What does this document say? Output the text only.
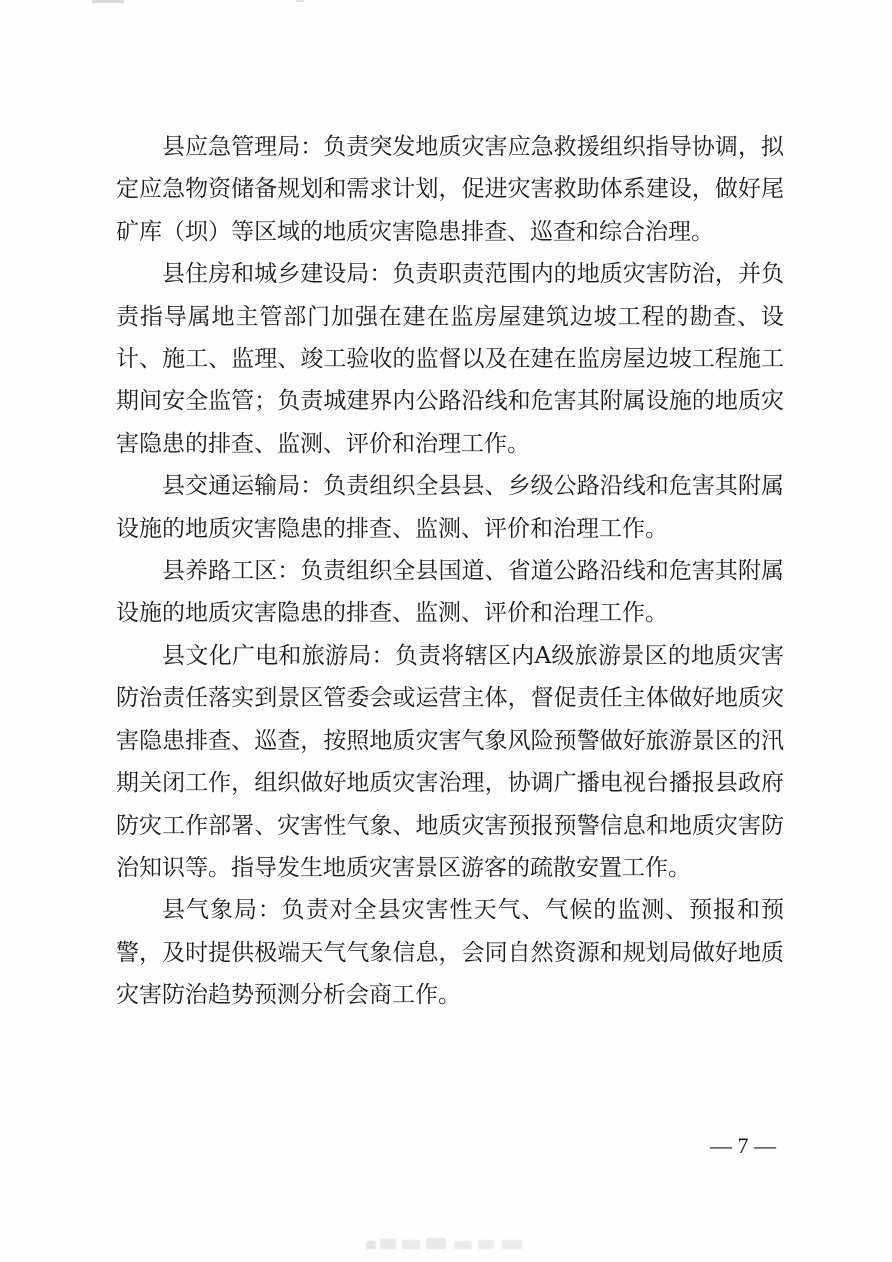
县应急管理局：负责突发地质灾害应急救援组织指导协调，拟定应急物资储备规划和需求计划，促进灾害救助体系建设，做好尾矿库（坝）等区域的地质灾害隐患排查、巡查和综合治理。

县住房和城乡建设局：负责职责范围内的地质灾害防治，并负责指导属地主管部门加强在建在监房屋建筑边坡工程的勘查、设计、施工、监理、竣工验收的监督以及在建在监房屋边坡工程施工期间安全监管；负责城建界内公路沿线和危害其附属设施的地质灾害隐患的排查、监测、评价和治理工作。

县交通运输局：负责组织全县县、乡级公路沿线和危害其附属设施的地质灾害隐患的排查、监测、评价和治理工作。

县养路工区：负责组织全县国道、省道公路沿线和危害其附属设施的地质灾害隐患的排查、监测、评价和治理工作。

县文化广电和旅游局：负责将辖区内A级旅游景区的地质灾害防治责任落实到景区管委会或运营主体，督促责任主体做好地质灾害隐患排查、巡查，按照地质灾害气象风险预警做好旅游景区的汛期关闭工作，组织做好地质灾害治理，协调广播电视台播报县政府防灾工作部署、灾害性气象、地质灾害预报预警信息和地质灾害防治知识等。指导发生地质灾害景区游客的疏散安置工作。

县气象局：负责对全县灾害性天气、气候的监测、预报和预警，及时提供极端天气气象信息，会同自然资源和规划局做好地质灾害防治趋势预测分析会商工作。

— 7 —
